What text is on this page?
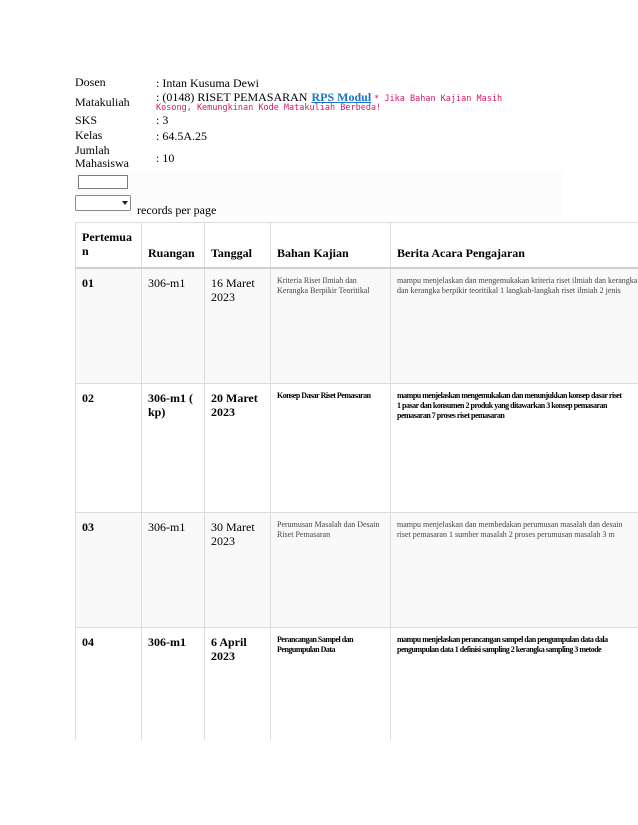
Dosen	: Intan Kusuma Dewi
Matakuliah	: (0148) RISET PEMASARAN RPS Modul * Jika Bahan Kajian Masih
Kosong, Kemungkinan Kode Matakuliah Berbeda!
SKS	: 3
Kelas	: 64.5A.25
Jumlah
Mahasiswa	: 10
records per page
Pertemua
n	Ruangan	Tanggal	Bahan Kajian	Berita Acara Pengajaran
01	306-m1	16 Maret 2023	Kriteria Riset Ilmiah dan Kerangka Berpikir Teoritikal	mampu menjelaskan dan mengemukakan kriteria riset ilmiah dan kerangka
dan kerangka berpikir teoritikal 1 langkah-langkah riset ilmiah 2 jenis
02	306-m1 ( kp)	20 Maret 2023	Konsep Dasar Riset Pemasaran	mampu menjelaskan mengemukakan dan menunjukkan konsep dasar riset
1 pasar dan konsumen 2 produk yang ditawarkan 3 konsep pemasaran
pemasaran 7 proses riset pemasaran
03	306-m1	30 Maret 2023	Perumusan Masalah dan Desain Riset Pemasaran	mampu menjelaskan dan membedakan perumusan masalah dan desain
riset pemasaran 1 sumber masalah 2 proses perumusan masalah 3 m
04	306-m1	6 April 2023	Perancangan Sampel dan Pengumpulan Data	mampu menjelaskan perancangan sampel dan pengumpulan data dala
pengumpulan data 1 definisi sampling 2 kerangka sampling 3 metode
